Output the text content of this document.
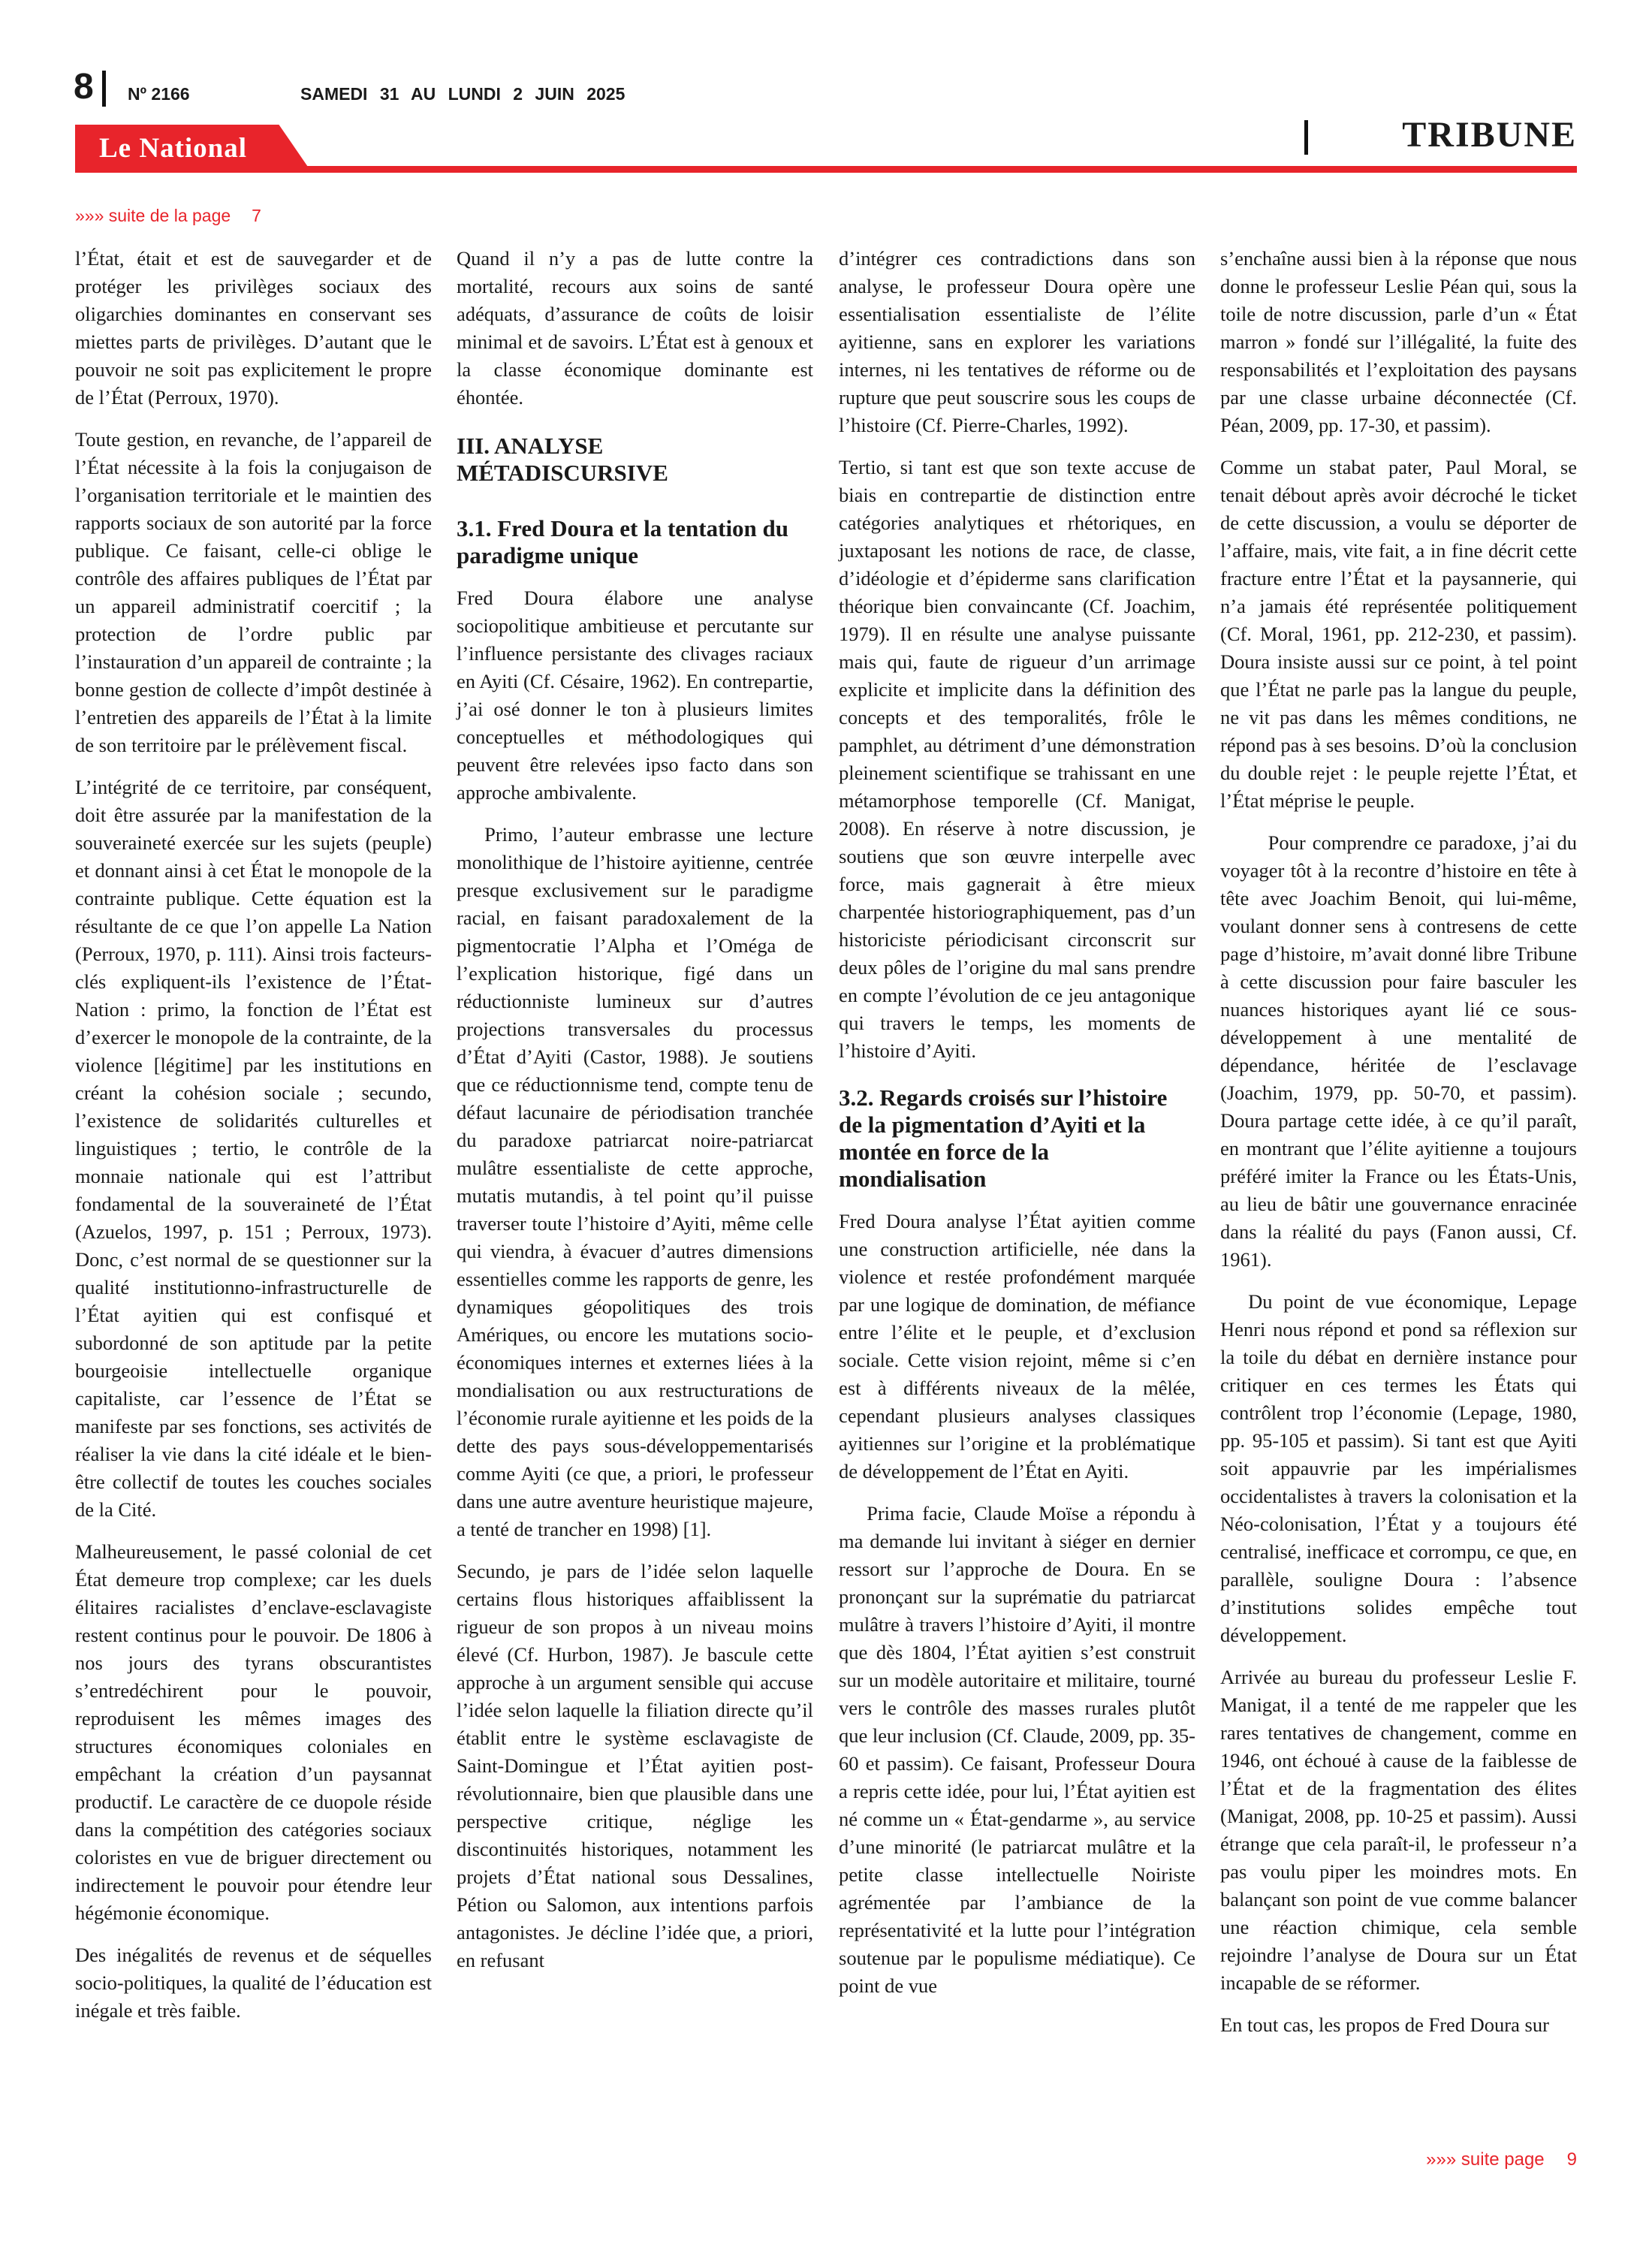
8 Nº 2166	SAMEDI 31 AU LUNDI 2 JUIN 2025
Le National	TRIBUNE
»»» suite de la page 7

l’État, était et est de sauvegarder et de protéger les privilèges sociaux des oligarchies dominantes en conservant ses miettes parts de privilèges. D’autant que le pouvoir ne soit pas explicitement le propre de l’État (Perroux, 1970).

Toute gestion, en revanche, de l’appareil de l’État nécessite à la fois la conjugaison de l’organisation territoriale et le maintien des rapports sociaux de son autorité par la force publique. Ce faisant, celle-ci oblige le contrôle des affaires publiques de l’État par un appareil administratif coercitif ; la protection de l’ordre public par l’instauration d’un appareil de contrainte ; la bonne gestion de collecte d’impôt destinée à l’entretien des appareils de l’État à la limite de son territoire par le prélèvement fiscal.

L’intégrité de ce territoire, par conséquent, doit être assurée par la manifestation de la souveraineté exercée sur les sujets (peuple) et donnant ainsi à cet État le monopole de la contrainte publique. Cette équation est la résultante de ce que l’on appelle La Nation (Perroux, 1970, p. 111). Ainsi trois facteurs-clés expliquent-ils l’existence de l’État-Nation : primo, la fonction de l’État est d’exercer le monopole de la contrainte, de la violence [légitime] par les institutions en créant la cohésion sociale ; secundo, l’existence de solidarités culturelles et linguistiques ; tertio, le contrôle de la monnaie nationale qui est l’attribut fondamental de la souveraineté de l’État (Azuelos, 1997, p. 151 ; Perroux, 1973). Donc, c’est normal de se questionner sur la qualité institutionno-infrastructurelle de l’État ayitien qui est confisqué et subordonné de son aptitude par la petite bourgeoisie intellectuelle organique capitaliste, car l’essence de l’État se manifeste par ses fonctions, ses activités de réaliser la vie dans la cité idéale et le bien-être collectif de toutes les couches sociales de la Cité.

Malheureusement, le passé colonial de cet État demeure trop complexe; car les duels élitaires racialistes d’enclave-esclavagiste restent continus pour le pouvoir. De 1806 à nos jours des tyrans obscurantistes s’entredéchirent pour le pouvoir, reproduisent les mêmes images des structures économiques coloniales en empêchant la création d’un paysannat productif. Le caractère de ce duopole réside dans la compétition des catégories sociaux coloristes en vue de briguer directement ou indirectement le pouvoir pour étendre leur hégémonie économique.

Des inégalités de revenus et de séquelles socio-politiques, la qualité de l’éducation est inégale et très faible.

Quand il n’y a pas de lutte contre la mortalité, recours aux soins de santé adéquats, d’assurance de coûts de loisir minimal et de savoirs. L’État est à genoux et la classe économique dominante est éhontée.

III. ANALYSE MÉTADISCURSIVE
3.1. Fred Doura et la tentation du paradigme unique

Fred Doura élabore une analyse sociopolitique ambitieuse et percutante sur l’influence persistante des clivages raciaux en Ayiti (Cf. Césaire, 1962). En contrepartie, j’ai osé donner le ton à plusieurs limites conceptuelles et méthodologiques qui peuvent être relevées ipso facto dans son approche ambivalente.

Primo, l’auteur embrasse une lecture monolithique de l’histoire ayitienne, centrée presque exclusivement sur le paradigme racial, en faisant paradoxalement de la pigmentocratie l’Alpha et l’Oméga de l’explication historique, figé dans un réductionniste lumineux sur d’autres projections transversales du processus d’État d’Ayiti (Castor, 1988). Je soutiens que ce réductionnisme tend, compte tenu de défaut lacunaire de périodisation tranchée du paradoxe patriarcat noire-patriarcat mulâtre essentialiste de cette approche, mutatis mutandis, à tel point qu’il puisse traverser toute l’histoire d’Ayiti, même celle qui viendra, à évacuer d’autres dimensions essentielles comme les rapports de genre, les dynamiques géopolitiques des trois Amériques, ou encore les mutations socio-économiques internes et externes liées à la mondialisation ou aux restructurations de l’économie rurale ayitienne et les poids de la dette des pays sous-développementarisés comme Ayiti (ce que, a priori, le professeur dans une autre aventure heuristique majeure, a tenté de trancher en 1998) [1].

Secundo, je pars de l’idée selon laquelle certains flous historiques affaiblissent la rigueur de son propos à un niveau moins élevé (Cf. Hurbon, 1987). Je bascule cette approche à un argument sensible qui accuse l’idée selon laquelle la filiation directe qu’il établit entre le système esclavagiste de Saint-Domingue et l’État ayitien post-révolutionnaire, bien que plausible dans une perspective critique, néglige les discontinuités historiques, notamment les projets d’État national sous Dessalines, Pétion ou Salomon, aux intentions parfois antagonistes. Je décline l’idée que, a priori, en refusant

d’intégrer ces contradictions dans son analyse, le professeur Doura opère une essentialisation essentialiste de l’élite ayitienne, sans en explorer les variations internes, ni les tentatives de réforme ou de rupture que peut souscrire sous les coups de l’histoire (Cf. Pierre-Charles, 1992).

Tertio, si tant est que son texte accuse de biais en contrepartie de distinction entre catégories analytiques et rhétoriques, en juxtaposant les notions de race, de classe, d’idéologie et d’épiderme sans clarification théorique bien convaincante (Cf. Joachim, 1979). Il en résulte une analyse puissante mais qui, faute de rigueur d’un arrimage explicite et implicite dans la définition des concepts et des temporalités, frôle le pamphlet, au détriment d’une démonstration pleinement scientifique se trahissant en une métamorphose temporelle (Cf. Manigat, 2008). En réserve à notre discussion, je soutiens que son œuvre interpelle avec force, mais gagnerait à être mieux charpentée historiographiquement, pas d’un historiciste périodicisant circonscrit sur deux pôles de l’origine du mal sans prendre en compte l’évolution de ce jeu antagonique qui travers le temps, les moments de l’histoire d’Ayiti.

3.2. Regards croisés sur l’histoire de la pigmentation d’Ayiti et la montée en force de la mondialisation

Fred Doura analyse l’État ayitien comme une construction artificielle, née dans la violence et restée profondément marquée par une logique de domination, de méfiance entre l’élite et le peuple, et d’exclusion sociale. Cette vision rejoint, même si c’en est à différents niveaux de la mêlée, cependant plusieurs analyses classiques ayitiennes sur l’origine et la problématique de développement de l’État en Ayiti.

Prima facie, Claude Moïse a répondu à ma demande lui invitant à siéger en dernier ressort sur l’approche de Doura. En se prononçant sur la suprématie du patriarcat mulâtre à travers l’histoire d’Ayiti, il montre que dès 1804, l’État ayitien s’est construit sur un modèle autoritaire et militaire, tourné vers le contrôle des masses rurales plutôt que leur inclusion (Cf. Claude, 2009, pp. 35-60 et passim). Ce faisant, Professeur Doura a repris cette idée, pour lui, l’État ayitien est né comme un « État-gendarme », au service d’une minorité (le patriarcat mulâtre et la petite classe intellectuelle Noiriste agrémentée par l’ambiance de la représentativité et la lutte pour l’intégration soutenue par le populisme médiatique). Ce point de vue

s’enchaîne aussi bien à la réponse que nous donne le professeur Leslie Péan qui, sous la toile de notre discussion, parle d’un « État marron » fondé sur l’illégalité, la fuite des responsabilités et l’exploitation des paysans par une classe urbaine déconnectée (Cf. Péan, 2009, pp. 17-30, et passim).

Comme un stabat pater, Paul Moral, se tenait débout après avoir décroché le ticket de cette discussion, a voulu se déporter de l’affaire, mais, vite fait, a in fine décrit cette fracture entre l’État et la paysannerie, qui n’a jamais été représentée politiquement (Cf. Moral, 1961, pp. 212-230, et passim). Doura insiste aussi sur ce point, à tel point que l’État ne parle pas la langue du peuple, ne vit pas dans les mêmes conditions, ne répond pas à ses besoins. D’où la conclusion du double rejet : le peuple rejette l’État, et l’État méprise le peuple.

Pour comprendre ce paradoxe, j’ai du voyager tôt à la recontre d’histoire en tête à tête avec Joachim Benoit, qui lui-même, voulant donner sens à contresens de cette page d’histoire, m’avait donné libre Tribune à cette discussion pour faire basculer les nuances historiques ayant lié ce sous-développement à une mentalité de dépendance, héritée de l’esclavage (Joachim, 1979, pp. 50-70, et passim). Doura partage cette idée, à ce qu’il paraît, en montrant que l’élite ayitienne a toujours préféré imiter la France ou les États-Unis, au lieu de bâtir une gouvernance enracinée dans la réalité du pays (Fanon aussi, Cf. 1961).

Du point de vue économique, Lepage Henri nous répond et pond sa réflexion sur la toile du débat en dernière instance pour critiquer en ces termes les États qui contrôlent trop l’économie (Lepage, 1980, pp. 95-105 et passim). Si tant est que Ayiti soit appauvrie par les impérialismes occidentalistes à travers la colonisation et la Néo-colonisation, l’État y a toujours été centralisé, inefficace et corrompu, ce que, en parallèle, souligne Doura : l’absence d’institutions solides empêche tout développement.

Arrivée au bureau du professeur Leslie F. Manigat, il a tenté de me rappeler que les rares tentatives de changement, comme en 1946, ont échoué à cause de la faiblesse de l’État et de la fragmentation des élites (Manigat, 2008, pp. 10-25 et passim). Aussi étrange que cela paraît-il, le professeur n’a pas voulu piper les moindres mots. En balançant son point de vue comme balancer une réaction chimique, cela semble rejoindre l’analyse de Doura sur un État incapable de se réformer.

En tout cas, les propos de Fred Doura sur

»»» suite page 9
